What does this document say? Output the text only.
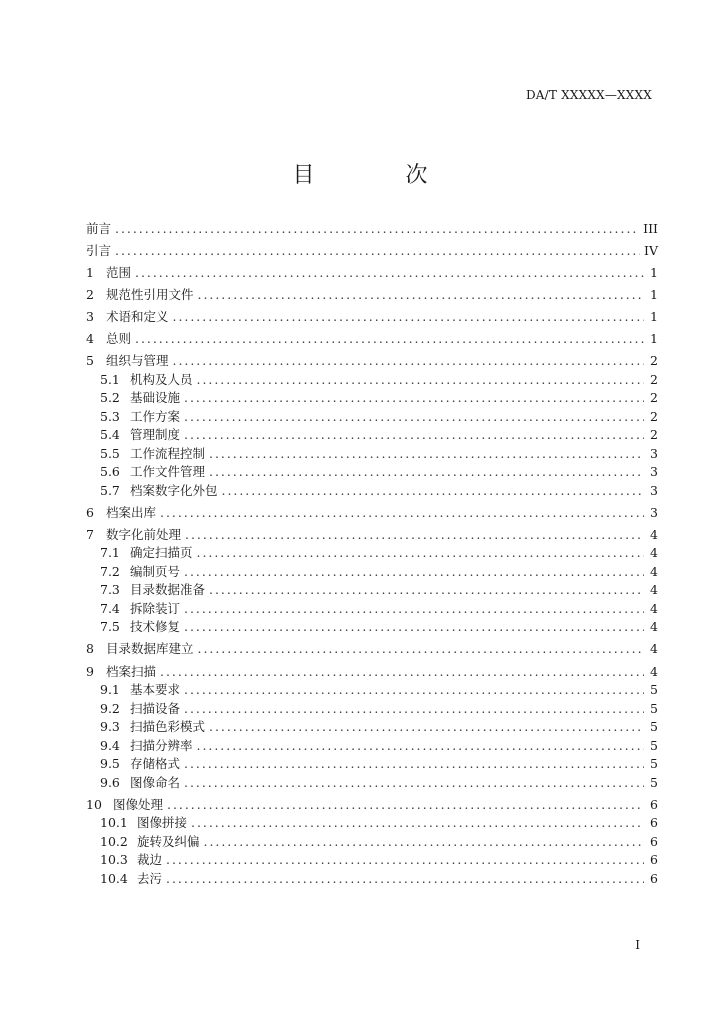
DA/T XXXXX—XXXX
目 次
前言 . . .	III
引言 . . .	IV
1 范围 . . .	1
2 规范性引用文件 . . .	1
3 术语和定义 . . .	1
4 总则 . . .	1
5 组织与管理 . . .	2
5.1 机构及人员 . . .	2
5.2 基础设施 . . .	2
5.3 工作方案 . . .	2
5.4 管理制度 . . .	2
5.5 工作流程控制 . . .	3
5.6 工作文件管理 . . .	3
5.7 档案数字化外包 . . .	3
6 档案出库 . . .	3
7 数字化前处理 . . .	4
7.1 确定扫描页 . . .	4
7.2 编制页号 . . .	4
7.3 目录数据准备 . . .	4
7.4 拆除装订 . . .	4
7.5 技术修复 . . .	4
8 目录数据库建立 . . .	4
9 档案扫描 . . .	4
9.1 基本要求 . . .	5
9.2 扫描设备 . . .	5
9.3 扫描色彩模式 . . .	5
9.4 扫描分辨率 . . .	5
9.5 存储格式 . . .	5
9.6 图像命名 . . .	5
10 图像处理 . . .	6
10.1 图像拼接 . . .	6
10.2 旋转及纠偏 . . .	6
10.3 裁边 . . .	6
10.4 去污 . . .	6
I
